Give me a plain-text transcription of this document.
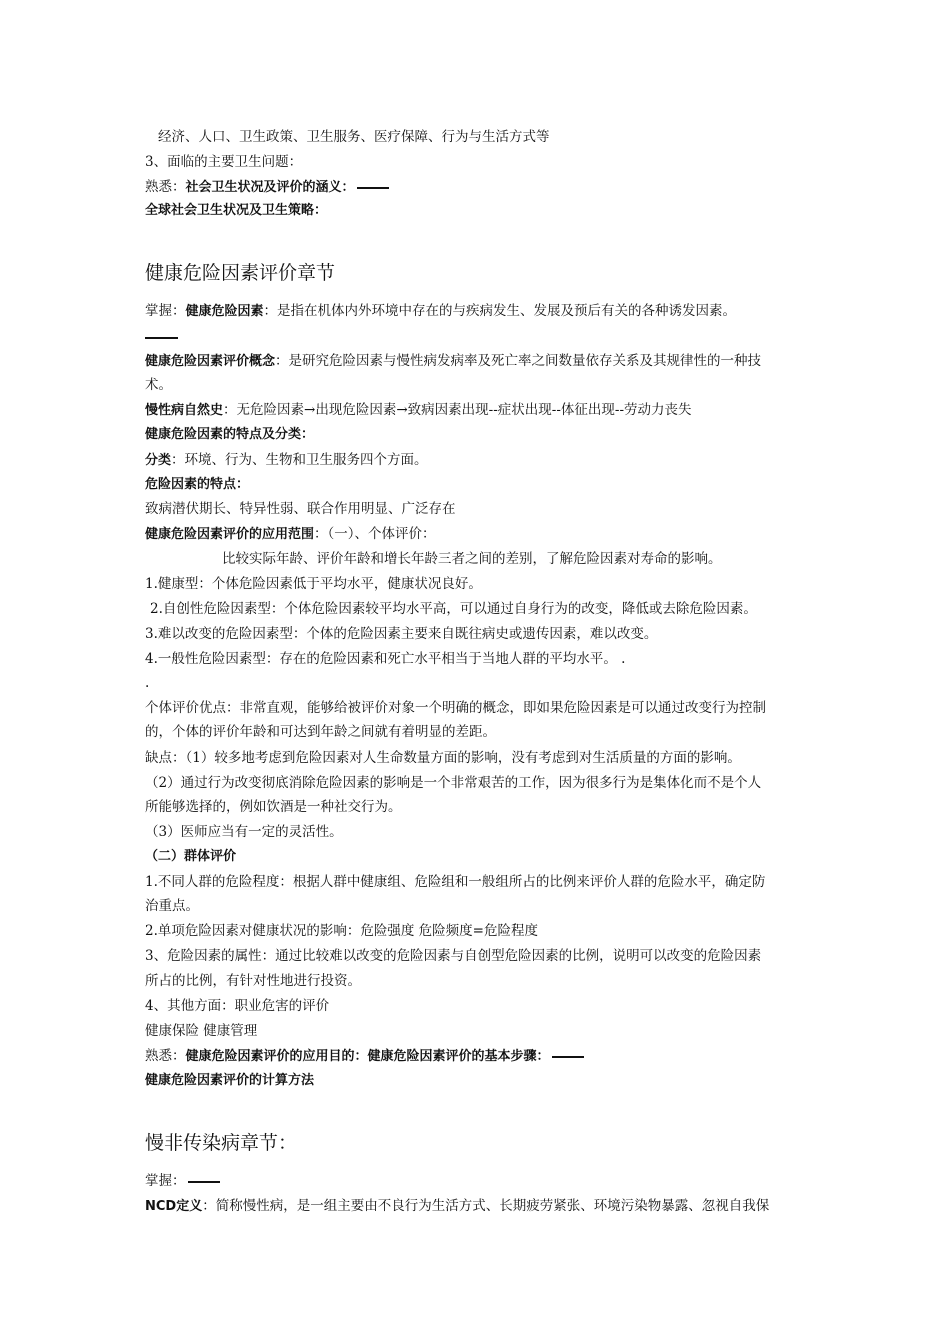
经济、人口、卫生政策、卫生服务、医疗保障、行为与生活方式等
3、面临的主要卫生问题：
熟悉：社会卫生状况及评价的涵义：
全球社会卫生状况及卫生策略：
健康危险因素评价章节
掌握：健康危险因素：是指在机体内外环境中存在的与疾病发生、发展及预后有关的各种诱发因素。
健康危险因素评价概念：是研究危险因素与慢性病发病率及死亡率之间数量依存关系及其规律性的一种技
术。
慢性病自然史：无危险因素→出现危险因素→致病因素出现--症状出现--体征出现--劳动力丧失
健康危险因素的特点及分类：
分类：环境、行为、生物和卫生服务四个方面。
危险因素的特点：
致病潜伏期长、特异性弱、联合作用明显、广泛存在
健康危险因素评价的应用范围：（一）、个体评价：
比较实际年龄、评价年龄和增长年龄三者之间的差别，了解危险因素对寿命的影响。
1.健康型：个体危险因素低于平均水平，健康状况良好。
2.自创性危险因素型：个体危险因素较平均水平高，可以通过自身行为的改变，降低或去除危险因素。
3.难以改变的危险因素型：个体的危险因素主要来自既往病史或遗传因素，难以改变。
4.一般性危险因素型：存在的危险因素和死亡水平相当于当地人群的平均水平。 .
.
个体评价优点：非常直观，能够给被评价对象一个明确的概念，即如果危险因素是可以通过改变行为控制
的，个体的评价年龄和可达到年龄之间就有着明显的差距。
缺点：（1）较多地考虑到危险因素对人生命数量方面的影响，没有考虑到对生活质量的方面的影响。
（2）通过行为改变彻底消除危险因素的影响是一个非常艰苦的工作，因为很多行为是集体化而不是个人
所能够选择的，例如饮酒是一种社交行为。
（3）医师应当有一定的灵活性。
（二）群体评价
1.不同人群的危险程度：根据人群中健康组、危险组和一般组所占的比例来评价人群的危险水平，确定防
治重点。
2.单项危险因素对健康状况的影响：危险强度 危险频度=危险程度
3、危险因素的属性：通过比较难以改变的危险因素与自创型危险因素的比例，说明可以改变的危险因素
所占的比例，有针对性地进行投资。
4、其他方面：职业危害的评价
健康保险 健康管理
熟悉：健康危险因素评价的应用目的：健康危险因素评价的基本步骤：
健康危险因素评价的计算方法
慢非传染病章节：
掌握：
NCD定义：简称慢性病，是一组主要由不良行为生活方式、长期疲劳紧张、环境污染物暴露、忽视自我保
